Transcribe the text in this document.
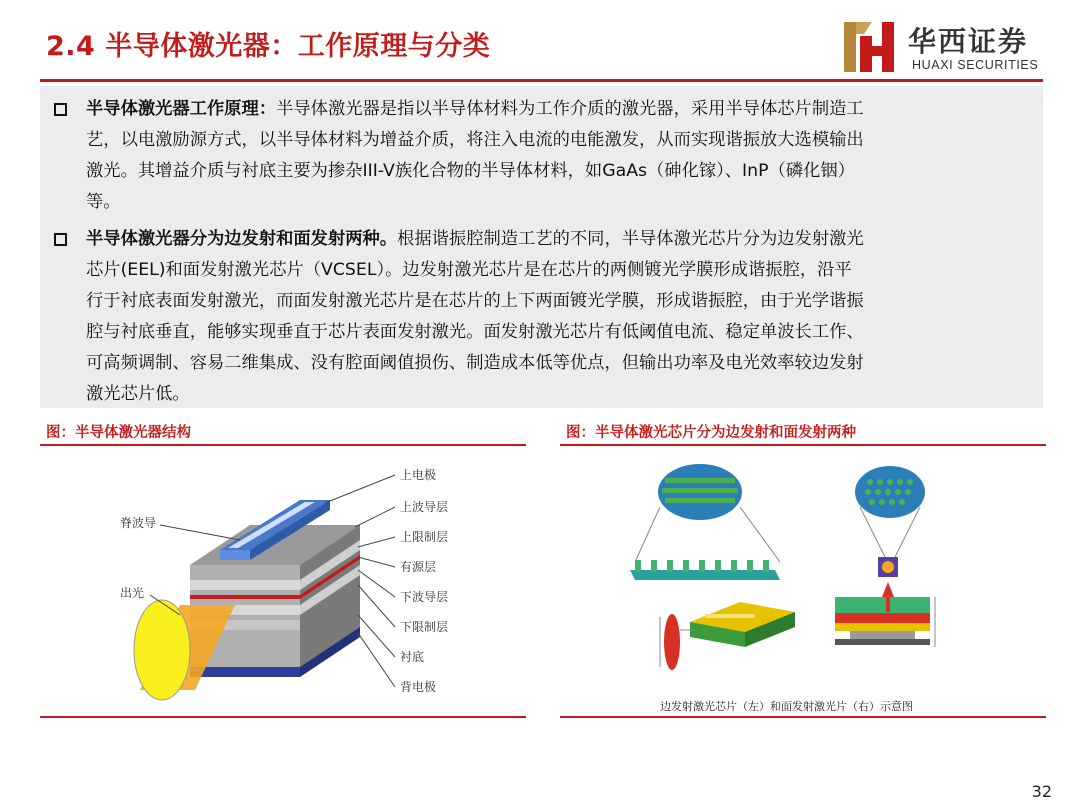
2.4 半导体激光器：工作原理与分类	华西证券
HUAXI SECURITIES
半导体激光器工作原理：半导体激光器是指以半导体材料为工作介质的激光器，采用半导体芯片制造工
艺，以电激励源方式，以半导体材料为增益介质，将注入电流的电能激发，从而实现谐振放大选模输出
激光。其增益介质与衬底主要为掺杂III-V族化合物的半导体材料，如GaAs（砷化镓）、InP（磷化铟）
等。
半导体激光器分为边发射和面发射两种。根据谐振腔制造工艺的不同，半导体激光芯片分为边发射激光
芯片(EEL)和面发射激光芯片（VCSEL）。边发射激光芯片是在芯片的两侧镀光学膜形成谐振腔，沿平
行于衬底表面发射激光，而面发射激光芯片是在芯片的上下两面镀光学膜，形成谐振腔，由于光学谐振
腔与衬底垂直，能够实现垂直于芯片表面发射激光。面发射激光芯片有低阈值电流、稳定单波长工作、
可高频调制、容易二维集成、没有腔面阈值损伤、制造成本低等优点，但输出功率及电光效率较边发射
激光芯片低。
图：半导体激光器结构	图：半导体激光芯片分为边发射和面发射两种
上电极
上波导层
上限制层
有源层
下波导层
下限制层
衬底
背电极
脊波导
出光
边发射激光芯片（左）和面发射激光片（右）示意图
32
